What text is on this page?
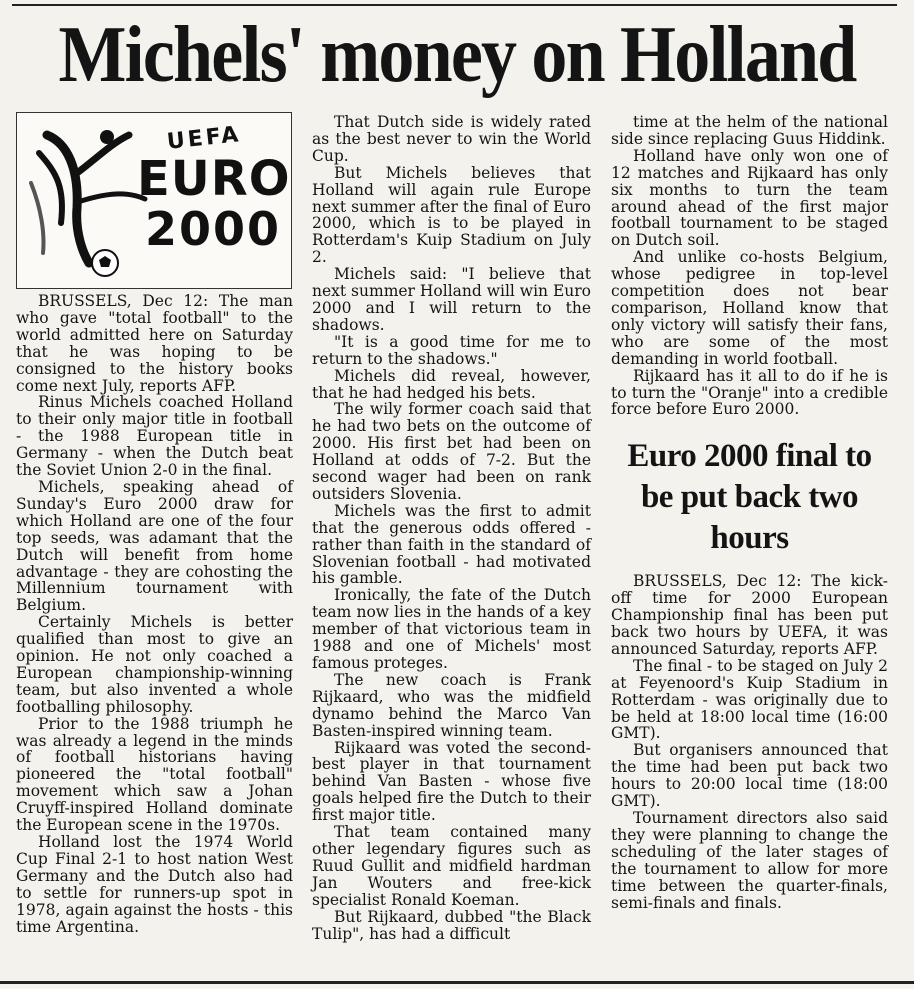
Michels' money on Holland
UEFA
EURO
2000

BRUSSELS, Dec 12: The man who gave "total football" to the world admitted here on Saturday that he was hoping to be consigned to the history books come next July, reports AFP.

Rinus Michels coached Holland to their only major title in football - the 1988 European title in Germany - when the Dutch beat the Soviet Union 2-0 in the final.

Michels, speaking ahead of Sunday's Euro 2000 draw for which Holland are one of the four top seeds, was adamant that the Dutch will benefit from home advantage - they are cohosting the Millennium tournament with Belgium.

Certainly Michels is better qualified than most to give an opinion. He not only coached a European championship-winning team, but also invented a whole footballing philosophy.

Prior to the 1988 triumph he was already a legend in the minds of football historians having pioneered the "total football" movement which saw a Johan Cruyff-inspired Holland dominate the European scene in the 1970s.

Holland lost the 1974 World Cup Final 2-1 to host nation West Germany and the Dutch also had to settle for runners-up spot in 1978, again against the hosts - this time Argentina.

That Dutch side is widely rated as the best never to win the World Cup.

But Michels believes that Holland will again rule Europe next summer after the final of Euro 2000, which is to be played in Rotterdam's Kuip Stadium on July 2.

Michels said: "I believe that next summer Holland will win Euro 2000 and I will return to the shadows.

"It is a good time for me to return to the shadows."

Michels did reveal, however, that he had hedged his bets.

The wily former coach said that he had two bets on the outcome of 2000. His first bet had been on Holland at odds of 7-2. But the second wager had been on rank outsiders Slovenia.

Michels was the first to admit that the generous odds offered - rather than faith in the standard of Slovenian football - had motivated his gamble.

Ironically, the fate of the Dutch team now lies in the hands of a key member of that victorious team in 1988 and one of Michels' most famous proteges.

The new coach is Frank Rijkaard, who was the midfield dynamo behind the Marco Van Basten-inspired winning team.

Rijkaard was voted the second-best player in that tournament behind Van Basten - whose five goals helped fire the Dutch to their first major title.

That team contained many other legendary figures such as Ruud Gullit and midfield hardman Jan Wouters and free-kick specialist Ronald Koeman.

But Rijkaard, dubbed "the Black Tulip", has had a difficult

time at the helm of the national side since replacing Guus Hiddink.

Holland have only won one of 12 matches and Rijkaard has only six months to turn the team around ahead of the first major football tournament to be staged on Dutch soil.

And unlike co-hosts Belgium, whose pedigree in top-level competition does not bear comparison, Holland know that only victory will satisfy their fans, who are some of the most demanding in world football.

Rijkaard has it all to do if he is to turn the "Oranje" into a credible force before Euro 2000.

Euro 2000 final to be put back two hours

BRUSSELS, Dec 12: The kick-off time for 2000 European Championship final has been put back two hours by UEFA, it was announced Saturday, reports AFP.

The final - to be staged on July 2 at Feyenoord's Kuip Stadium in Rotterdam - was originally due to be held at 18:00 local time (16:00 GMT).

But organisers announced that the time had been put back two hours to 20:00 local time (18:00 GMT).

Tournament directors also said they were planning to change the scheduling of the later stages of the tournament to allow for more time between the quarter-finals, semi-finals and finals.
